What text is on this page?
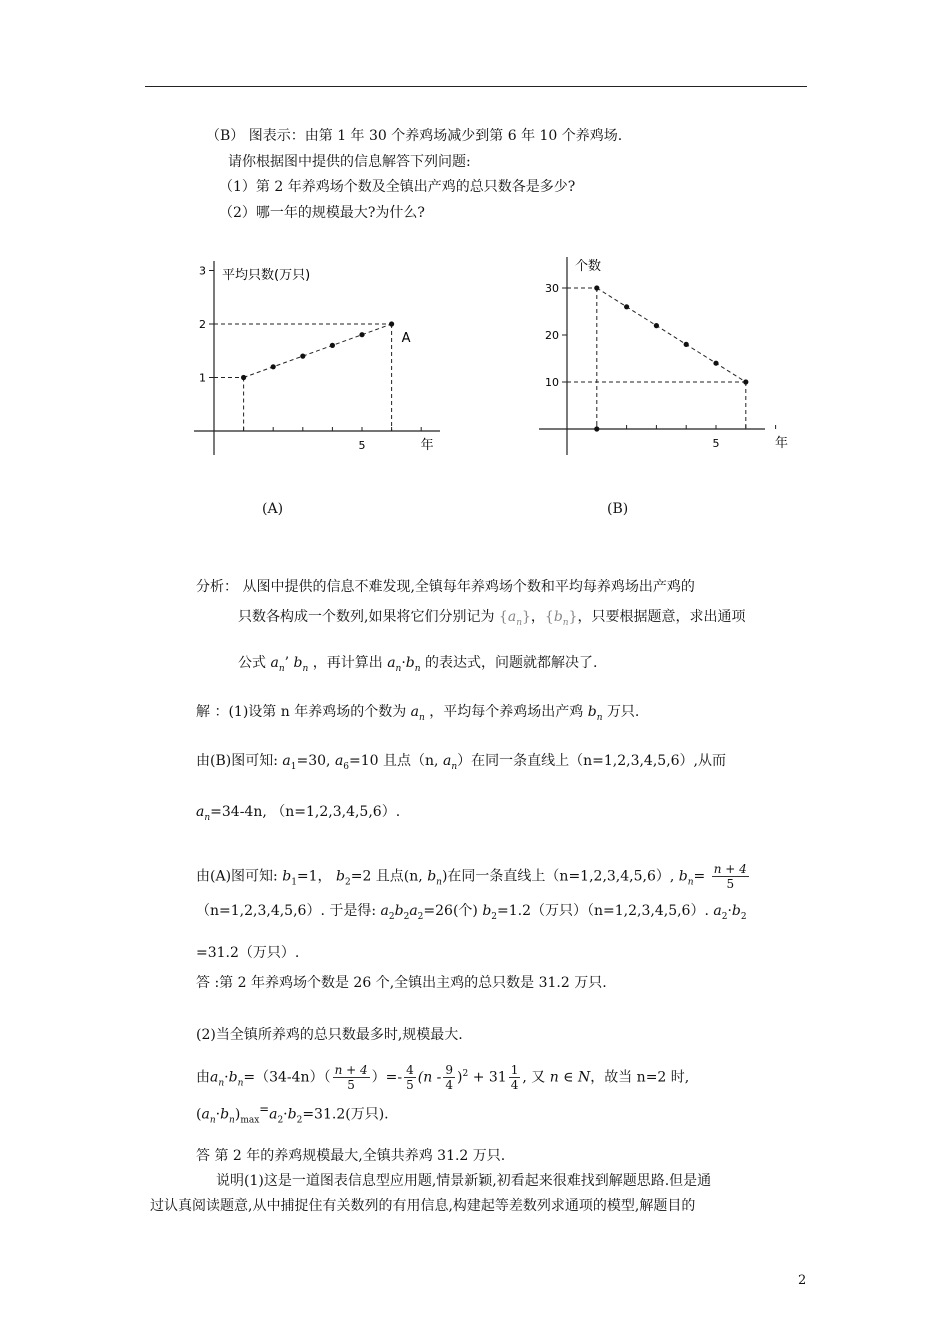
（B） 图表示：由第 1 年 30 个养鸡场减少到第 6 年 10 个养鸡场.
请你根据图中提供的信息解答下列问题:
（1）第 2 年养鸡场个数及全镇出产鸡的总只数各是多少?
（2）哪一年的规模最大?为什么?
1
2
3
5	年
平均只数(万只)
A
(A)
10
20
30
5	年
个数
(B)
分析： 从图中提供的信息不难发现,全镇每年养鸡场个数和平均每养鸡场出产鸡的
只数各构成一个数列,如果将它们分别记为 $\{a_n\}$，$\{b_n\}$，只要根据题意，求出通项
公式 $a_n$’ $b_n$ ，再计算出 $a_n\cdot b_n$ 的表达式，问题就都解决了.
解 ：(1)设第 n 年养鸡场的个数为 $a_n$ ，平均每个养鸡场出产鸡 $b_n$ 万只.
由(B)图可知: $a_1=30$, $a_6=10$ 且点（n, $a_n$）在同一条直线上（n=1,2,3,4,5,6）,从而
$a_n=34-4n$, （n=1,2,3,4,5,6）.
由(A)图可知: $b_1=1$， $b_2=2$ 且点(n, $b_n$)在同一条直线上（n=1,2,3,4,5,6）, $b_n= \frac{n + 4}{5}$
（n=1,2,3,4,5,6）. 于是得: $a_2b_2a_2=26$(个) $b_2=1.2$（万只）（n=1,2,3,4,5,6）. $a_2\cdot b_2$
=31.2（万只）.
答 :第 2 年养鸡场个数是 26 个,全镇出主鸡的总只数是 31.2 万只.
(2)当全镇所养鸡的总只数最多时,规模最大.
由$a_n\cdot b_n=(34-4n)( \frac{n + 4}{5}$ ）=- $\frac{4}{5} (n - \frac{9}{4} )^2 + 31 \frac{1}{4}$ , 又 n ∈ N，故当 n=2 时,
$(a_n\cdot b_n)_{max}^=a_2\cdot b_2=31.2$(万只).
答 第 2 年的养鸡规模最大,全镇共养鸡 31.2 万只.
说明(1)这是一道图表信息型应用题,情景新颖,初看起来很难找到解题思路.但是通
过认真阅读题意,从中捕捉住有关数列的有用信息,构建起等差数列求通项的模型,解题目的
2
